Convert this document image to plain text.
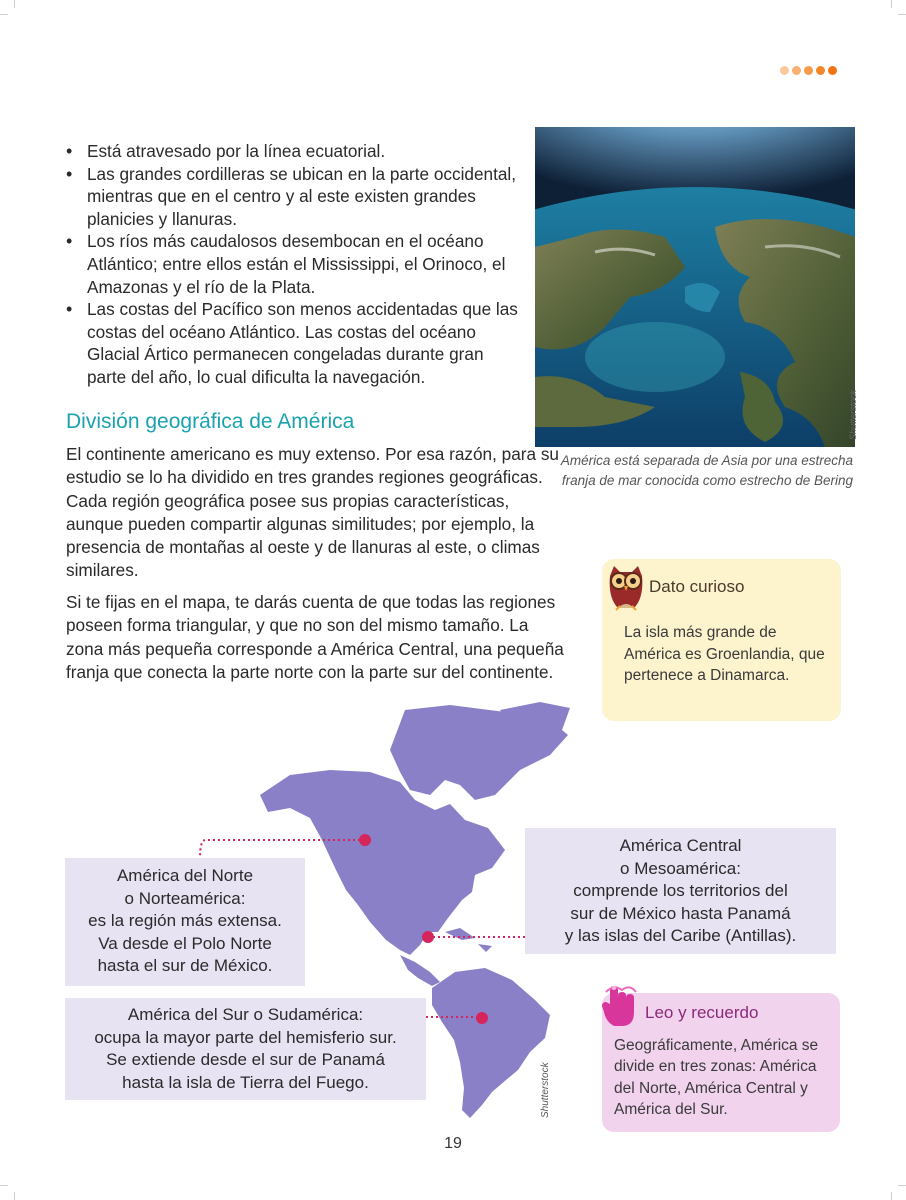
• Está atravesado por la línea ecuatorial.
• Las grandes cordilleras se ubican en la parte occidental, mientras que en el centro y al este existen grandes planicies y llanuras.
• Los ríos más caudalosos desembocan en el océano Atlántico; entre ellos están el Mississippi, el Orinoco, el Amazonas y el río de la Plata.
• Las costas del Pacífico son menos accidentadas que las costas del océano Atlántico. Las costas del océano Glacial Ártico permanecen congeladas durante gran parte del año, lo cual dificulta la navegación.
Shutterstock
América está separada de Asia por una estrecha franja de mar conocida como estrecho de Bering
División geográfica de América

El continente americano es muy extenso. Por esa razón, para su estudio se lo ha dividido en tres grandes regiones geográficas. Cada región geográfica posee sus propias características, aunque pueden compartir algunas similitudes; por ejemplo, la presencia de montañas al oeste y de llanuras al este, o climas similares.

Si te fijas en el mapa, te darás cuenta de que todas las regiones poseen forma triangular, y que no son del mismo tamaño. La zona más pequeña corresponde a América Central, una pequeña franja que conecta la parte norte con la parte sur del continente.

Dato curioso
La isla más grande de América es Groenlandia, que pertenece a Dinamarca.
América del Norte
o Norteamérica:
es la región más extensa.
Va desde el Polo Norte
hasta el sur de México.
América Central
o Mesoamérica:
comprende los territorios del
sur de México hasta Panamá
y las islas del Caribe (Antillas).
América del Sur o Sudamérica:
ocupa la mayor parte del hemisferio sur.
Se extiende desde el sur de Panamá
hasta la isla de Tierra del Fuego.	Shutterstock
Leo y recuerdo
Geográficamente, América se divide en tres zonas: América del Norte, América Central y América del Sur.
19
